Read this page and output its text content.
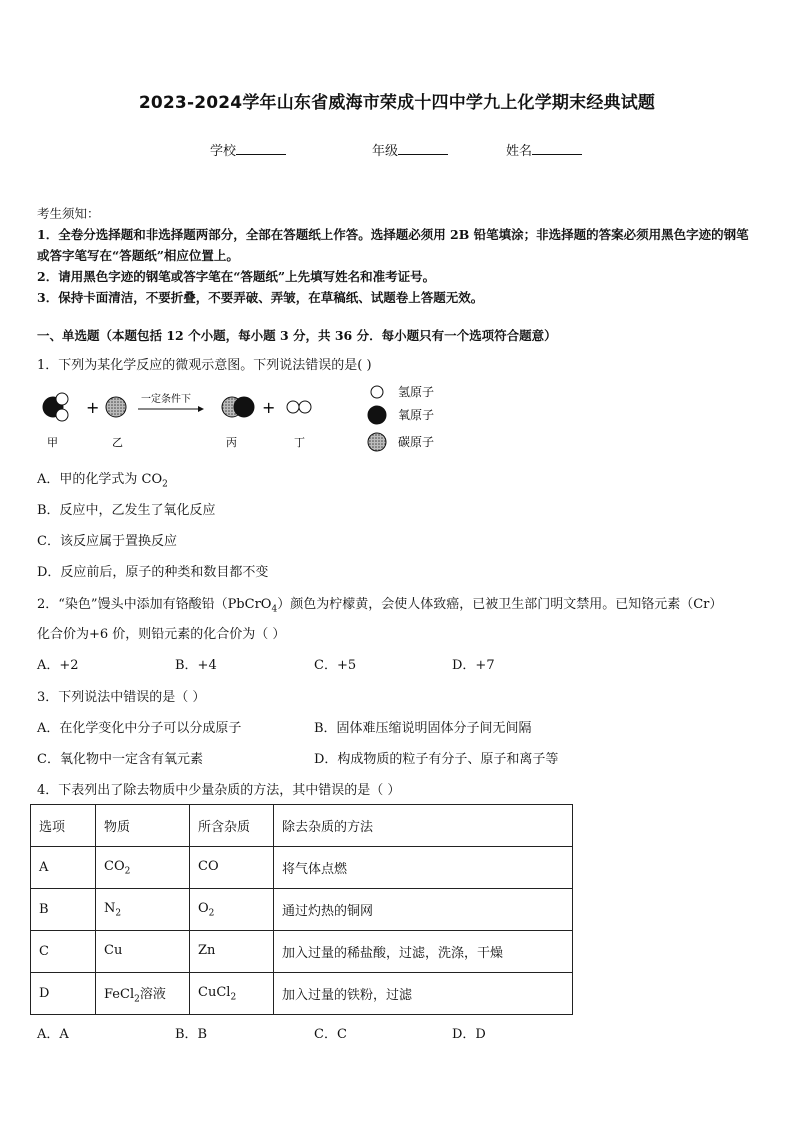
2023-2024学年山东省威海市荣成十四中学九上化学期末经典试题
学校	年级	姓名

考生须知：

1．全卷分选择题和非选择题两部分，全部在答题纸上作答。选择题必须用 2B 铅笔填涂；非选择题的答案必须用黑色字迹的钢笔或答字笔写在“答题纸”相应位置上。

2．请用黑色字迹的钢笔或答字笔在“答题纸”上先填写姓名和准考证号。

3．保持卡面清洁，不要折叠，不要弄破、弄皱，在草稿纸、试题卷上答题无效。

一、单选题（本题包括 12 个小题，每小题 3 分，共 36 分．每小题只有一个选项符合题意）
1．下列为某化学反应的微观示意图。下列说法错误的是( )
+	一定条件下	+
甲	乙	丙	丁
氢原子
氧原子
碳原子
A．甲的化学式为 $CO_2$
B．反应中，乙发生了氧化反应
C．该反应属于置换反应
D．反应前后，原子的种类和数目都不变
2．“染色”馒头中添加有铬酸铅（PbCrO$_4$）颜色为柠檬黄，会使人体致癌，已被卫生部门明文禁用。已知铬元素（Cr）
化合价为+6 价，则铅元素的化合价为（ ）
A．+2	B．+4	C．+5	D．+7
3．下列说法中错误的是（ ）
A．在化学变化中分子可以分成原子	B．固体难压缩说明固体分子间无间隔
C．氧化物中一定含有氧元素	D．构成物质的粒子有分子、原子和离子等
4．下表列出了除去物质中少量杂质的方法，其中错误的是（ ）
选项	物质	所含杂质	除去杂质的方法
A	$CO_2$	CO	将气体点燃
B	$N_2$	$O_2$	通过灼热的铜网
C	Cu	Zn	加入过量的稀盐酸，过滤，洗涤，干燥
D	FeCl$_2$溶液	CuCl$_2$	加入过量的铁粉，过滤
A．A	B．B	C．C	D．D
